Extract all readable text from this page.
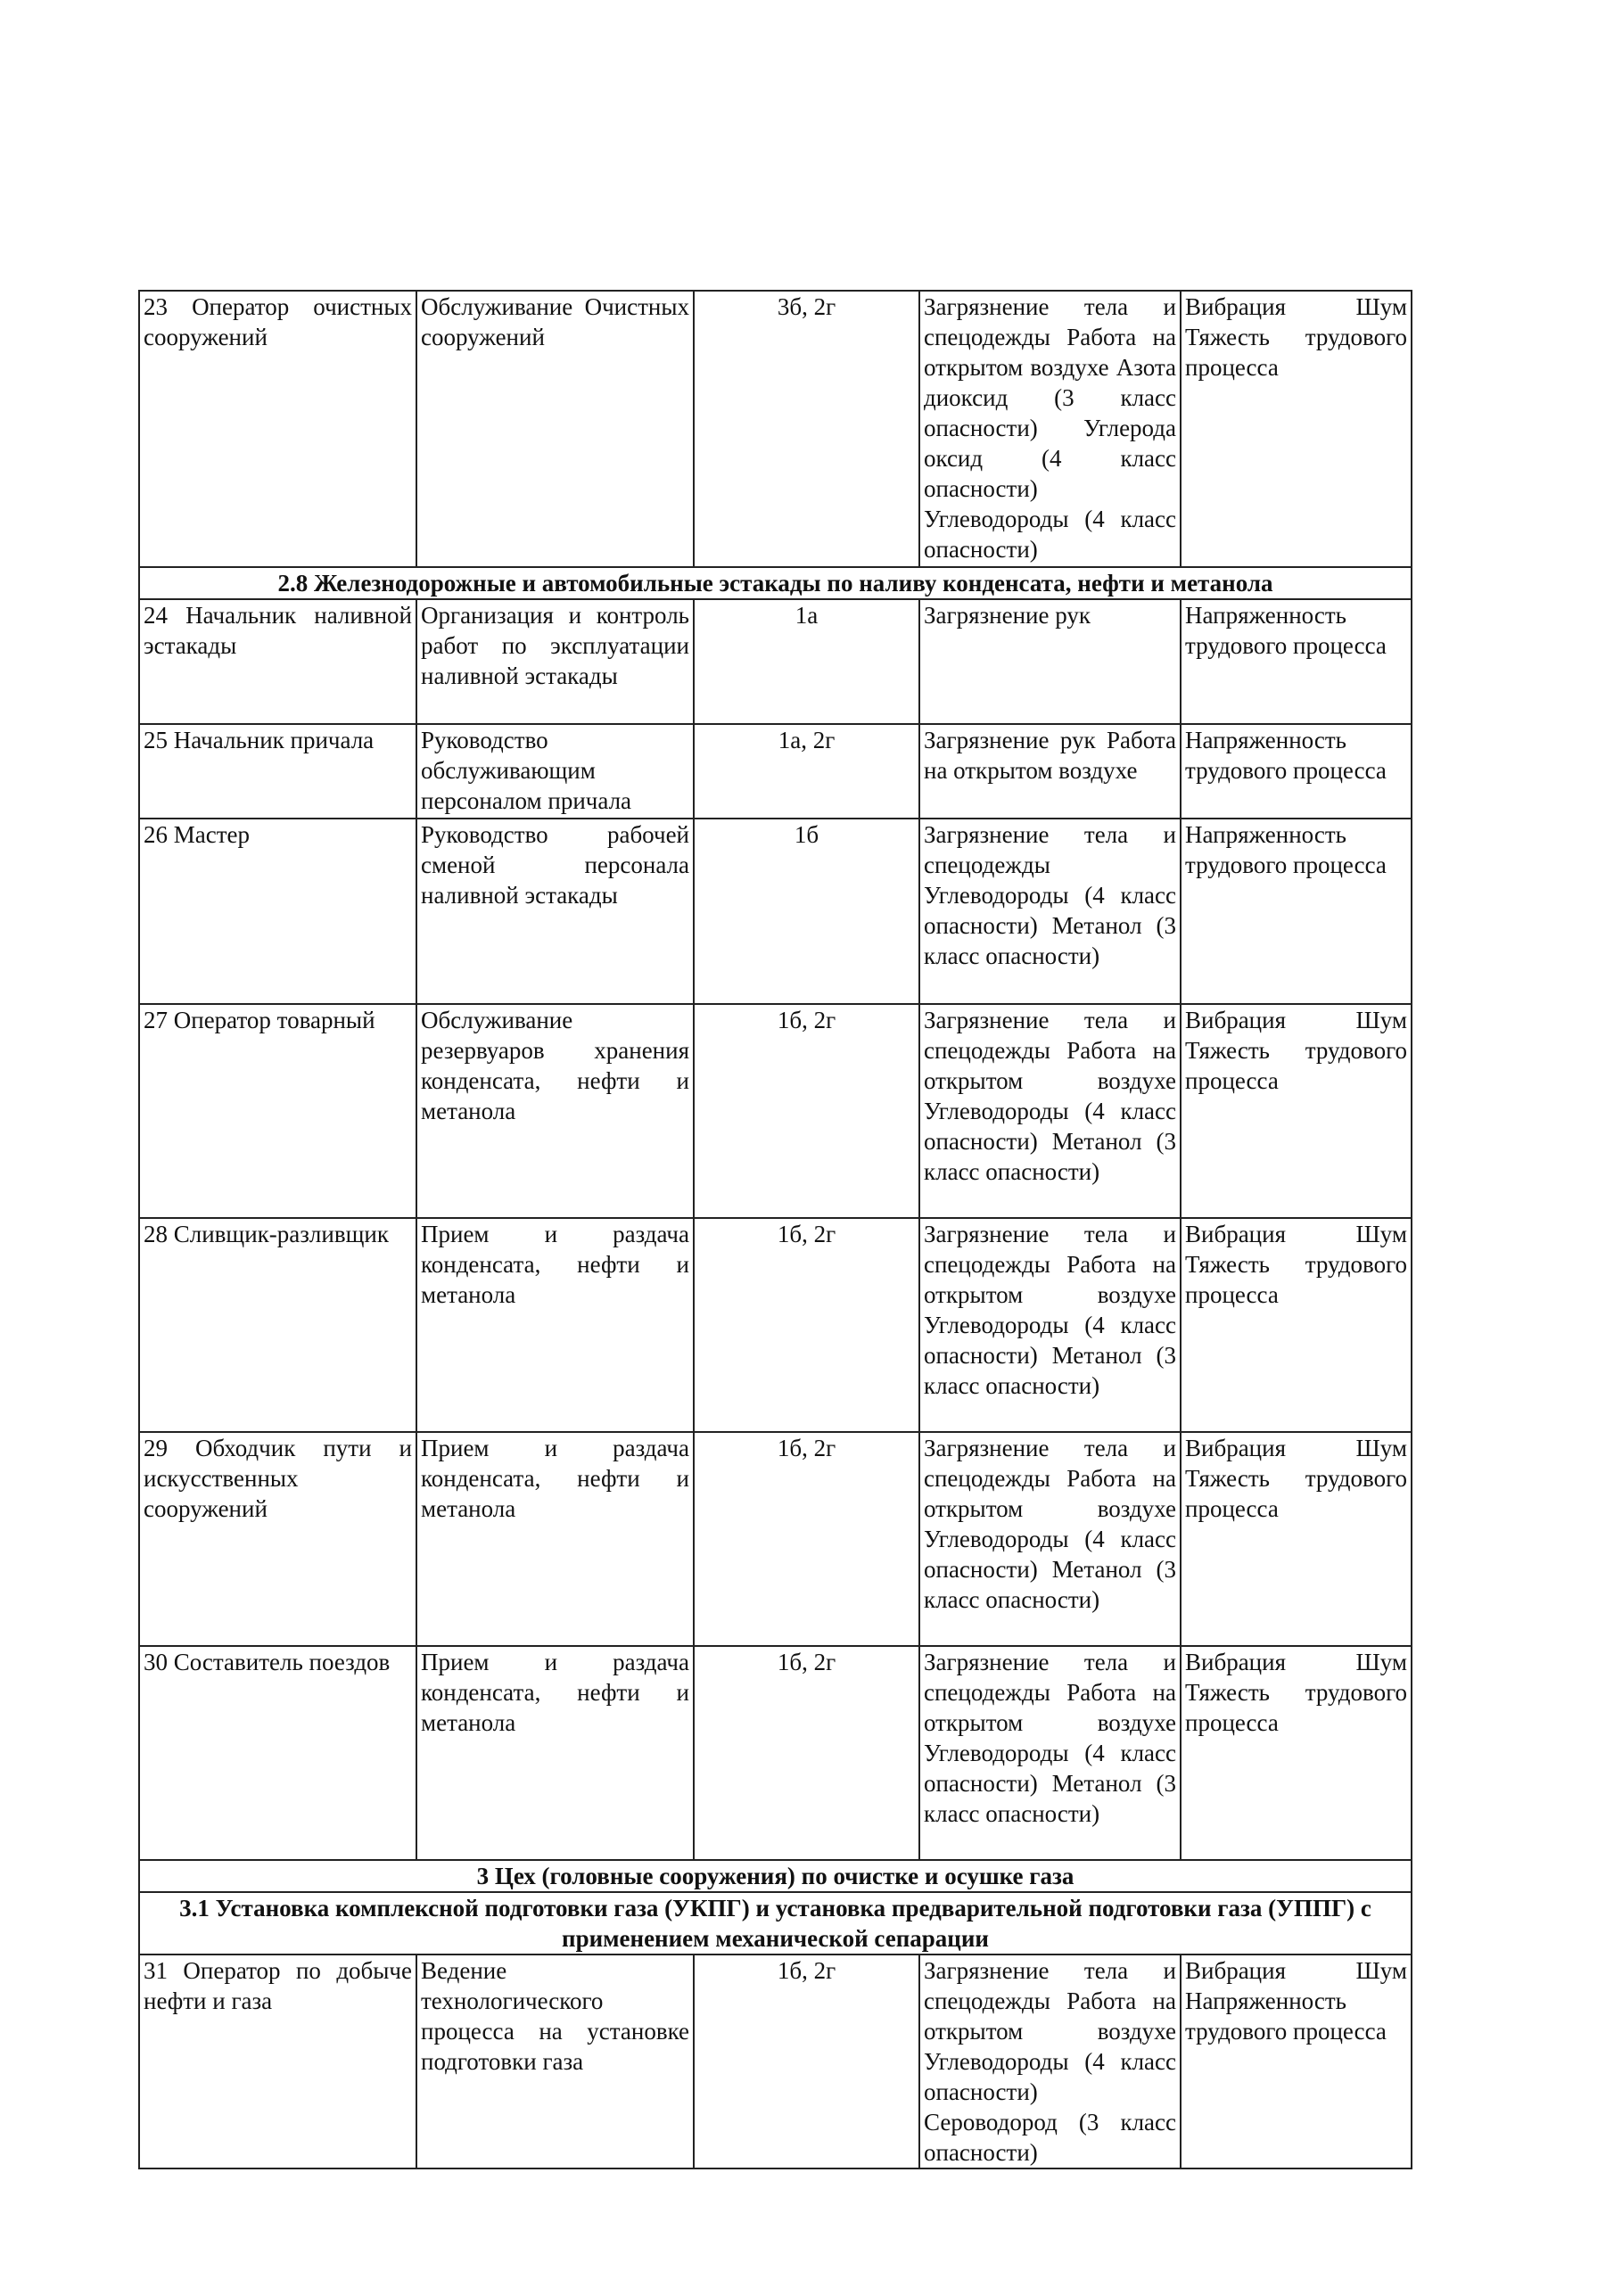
23 Оператор очистных сооружений	Обслуживание Очистных сооружений	3б, 2г	Загрязнение тела и спецодежды Работа на открытом воздухе Азота диоксид (3 класс опасности) Углерода оксид (4 класс опасности) Углеводороды (4 класс опасности)	Вибрация Шум Тяжесть трудового процесса
2.8 Железнодорожные и автомобильные эстакады по наливу конденсата, нефти и метанола				
24 Начальник наливной эстакады	Организация и контроль работ по эксплуатации наливной эстакады	1а	Загрязнение рук	Напряженность трудового процесса
25 Начальник причала	Руководство обслуживающим персоналом причала	1а, 2г	Загрязнение рук Работа на открытом воздухе	Напряженность трудового процесса
26 Мастер	Руководство рабочей сменой персонала наливной эстакады	1б	Загрязнение тела и спецодежды Углеводороды (4 класс опасности) Метанол (3 класс опасности)	Напряженность трудового процесса
27 Оператор товарный	Обслуживание резервуаров хранения конденсата, нефти и метанола	1б, 2г	Загрязнение тела и спецодежды Работа на открытом воздухе Углеводороды (4 класс опасности) Метанол (3 класс опасности)	Вибрация Шум Тяжесть трудового процесса
28 Сливщик-разливщик	Прием и раздача конденсата, нефти и метанола	1б, 2г	Загрязнение тела и спецодежды Работа на открытом воздухе Углеводороды (4 класс опасности) Метанол (3 класс опасности)	Вибрация Шум Тяжесть трудового процесса
29 Обходчик пути и искусственных сооружений	Прием и раздача конденсата, нефти и метанола	1б, 2г	Загрязнение тела и спецодежды Работа на открытом воздухе Углеводороды (4 класс опасности) Метанол (3 класс опасности)	Вибрация Шум Тяжесть трудового процесса
30 Составитель поездов	Прием и раздача конденсата, нефти и метанола	1б, 2г	Загрязнение тела и спецодежды Работа на открытом воздухе Углеводороды (4 класс опасности) Метанол (3 класс опасности)	Вибрация Шум Тяжесть трудового процесса
3 Цех (головные сооружения) по очистке и осушке газа				
3.1 Установка комплексной подготовки газа (УКПГ) и установка предварительной подготовки газа (УППГ) с применением механической сепарации				
31 Оператор по добыче нефти и газа	Ведение технологического процесса на установке подготовки газа	1б, 2г	Загрязнение тела и спецодежды Работа на открытом воздухе Углеводороды (4 класс опасности) Сероводород (3 класс опасности)	Вибрация Шум Напряженность трудового процесса
